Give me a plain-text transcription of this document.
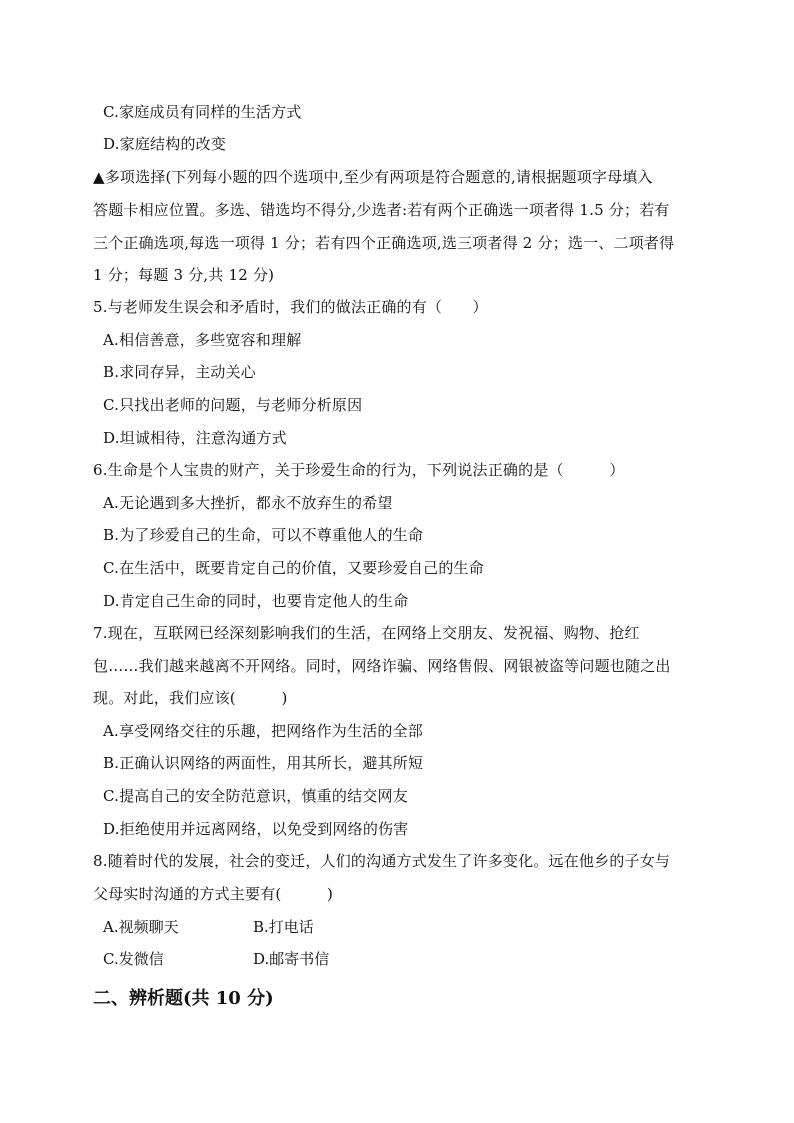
C.家庭成员有同样的生活方式
D.家庭结构的改变
▲多项选择(下列每小题的四个选项中,至少有两项是符合题意的,请根据题项字母填入
答题卡相应位置。多选、错选均不得分,少选者:若有两个正确选一项者得 1.5 分；若有
三个正确选项,每选一项得 1 分；若有四个正确选项,选三项者得 2 分；选一、二项者得
1 分；每题 3 分,共 12 分)
5.与老师发生误会和矛盾时，我们的做法正确的有（　　）
A.相信善意，多些宽容和理解
B.求同存异，主动关心
C.只找出老师的问题，与老师分析原因
D.坦诚相待，注意沟通方式
6.生命是个人宝贵的财产，关于珍爱生命的行为，下列说法正确的是（　　　）
A.无论遇到多大挫折，都永不放弃生的希望
B.为了珍爱自己的生命，可以不尊重他人的生命
C.在生活中，既要肯定自己的价值，又要珍爱自己的生命
D.肯定自己生命的同时，也要肯定他人的生命
7.现在，互联网已经深刻影响我们的生活，在网络上交朋友、发祝福、购物、抢红
包……我们越来越离不开网络。同时，网络诈骗、网络售假、网银被盗等问题也随之出
现。对此，我们应该(　　　)
A.享受网络交往的乐趣，把网络作为生活的全部
B.正确认识网络的两面性，用其所长，避其所短
C.提高自己的安全防范意识，慎重的结交网友
D.拒绝使用并远离网络，以免受到网络的伤害
8.随着时代的发展，社会的变迁，人们的沟通方式发生了许多变化。远在他乡的子女与
父母实时沟通的方式主要有(　　　)
A.视频聊天	B.打电话
C.发微信	D.邮寄书信
二、辨析题(共 10 分)
